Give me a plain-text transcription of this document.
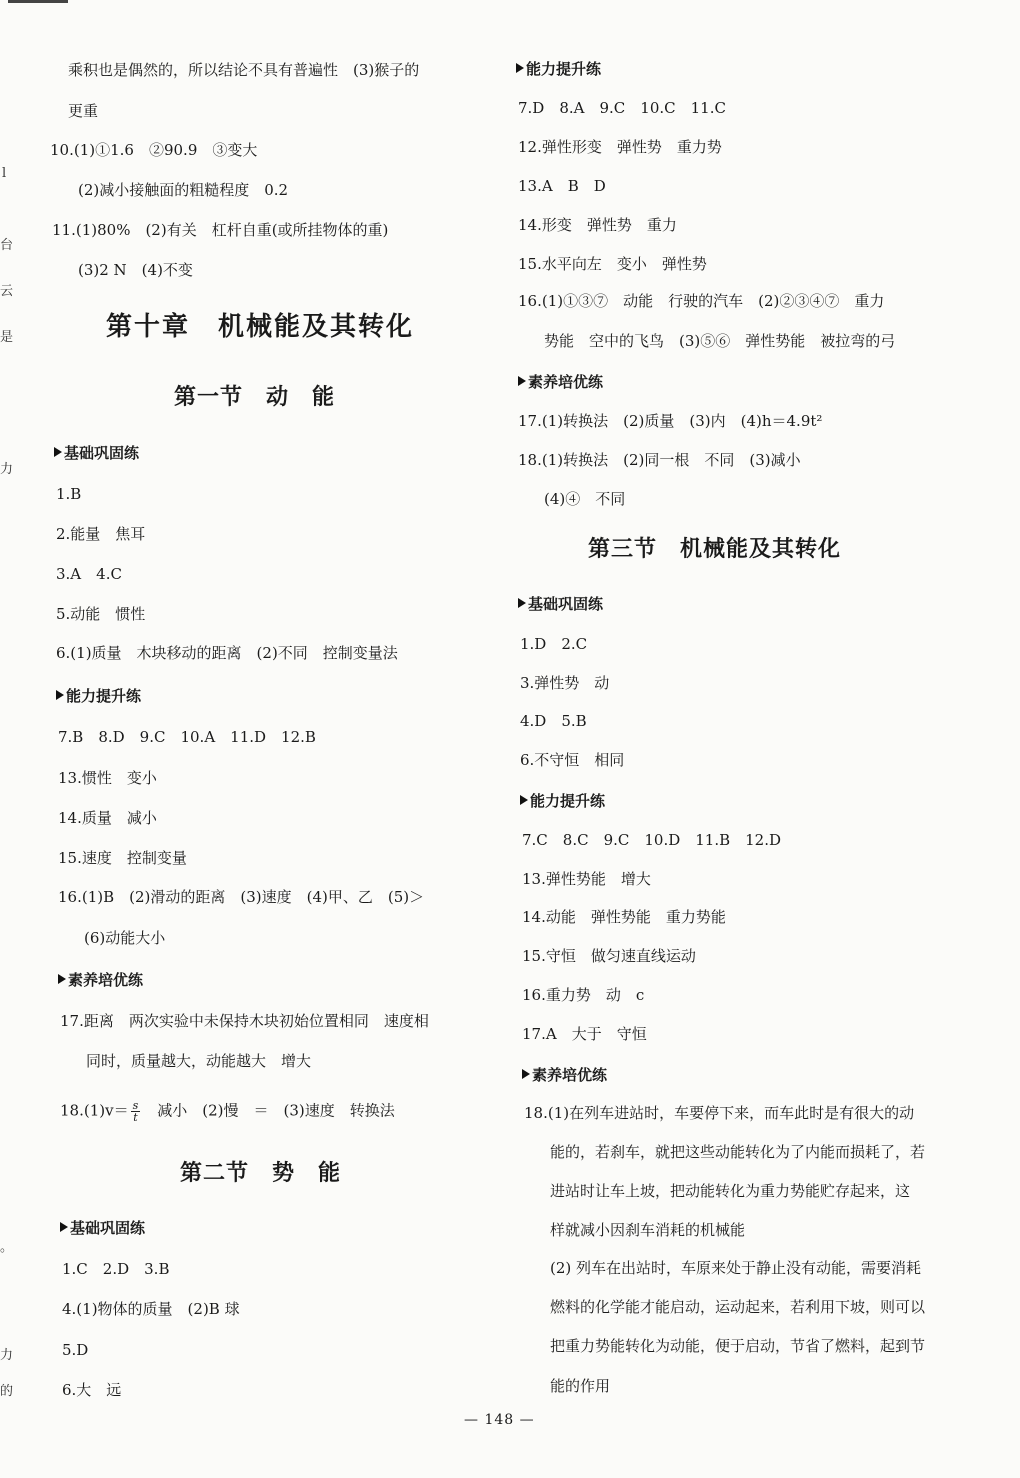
l
台
云
是
力
。
力
的
乘积也是偶然的，所以结论不具有普遍性　(3)猴子的
更重
10.(1)①1.6　②90.9　③变大
(2)减小接触面的粗糙程度　0.2
11.(1)80%　(2)有关　杠杆自重(或所挂物体的重)
(3)2 N　(4)不变
第十章　机械能及其转化
第一节　动　能
基础巩固练
1.B
2.能量　焦耳
3.A　4.C
5.动能　惯性
6.(1)质量　木块移动的距离　(2)不同　控制变量法
能力提升练
7.B　8.D　9.C　10.A　11.D　12.B
13.惯性　变小
14.质量　减小
15.速度　控制变量
16.(1)B　(2)滑动的距离　(3)速度　(4)甲、乙　(5)＞
(6)动能大小
素养培优练
17.距离　两次实验中未保持木块初始位置相同　速度相
同时，质量越大，动能越大　增大
$18.(1)v= \frac{s}{t}$ 　减小　(2)慢　＝　(3)速度　转换法
第二节　势　能
基础巩固练
1.C　2.D　3.B
4.(1)物体的质量　(2)B 球
5.D
6.大　远
能力提升练
7.D　8.A　9.C　10.C　11.C
12.弹性形变　弹性势　重力势
13.A　B　D
14.形变　弹性势　重力
15.水平向左　变小　弹性势
16.(1)①③⑦　动能　行驶的汽车　(2)②③④⑦　重力
势能　空中的飞鸟　(3)⑤⑥　弹性势能　被拉弯的弓
素养培优练
17.(1)转换法　(2)质量　(3)内　(4)h＝4.9t²
18.(1)转换法　(2)同一根　不同　(3)减小
(4)④　不同
第三节　机械能及其转化
基础巩固练
1.D　2.C
3.弹性势　动
4.D　5.B
6.不守恒　相同
能力提升练
7.C　8.C　9.C　10.D　11.B　12.D
13.弹性势能　增大
14.动能　弹性势能　重力势能
15.守恒　做匀速直线运动
16.重力势　动　c
17.A　大于　守恒
素养培优练
18.(1)在列车进站时，车要停下来，而车此时是有很大的动
能的，若刹车，就把这些动能转化为了内能而损耗了，若
进站时让车上坡，把动能转化为重力势能贮存起来，这
样就减小因刹车消耗的机械能
(2) 列车在出站时，车原来处于静止没有动能，需要消耗
燃料的化学能才能启动，运动起来，若利用下坡，则可以
把重力势能转化为动能，便于启动，节省了燃料，起到节
能的作用
— 148 —
